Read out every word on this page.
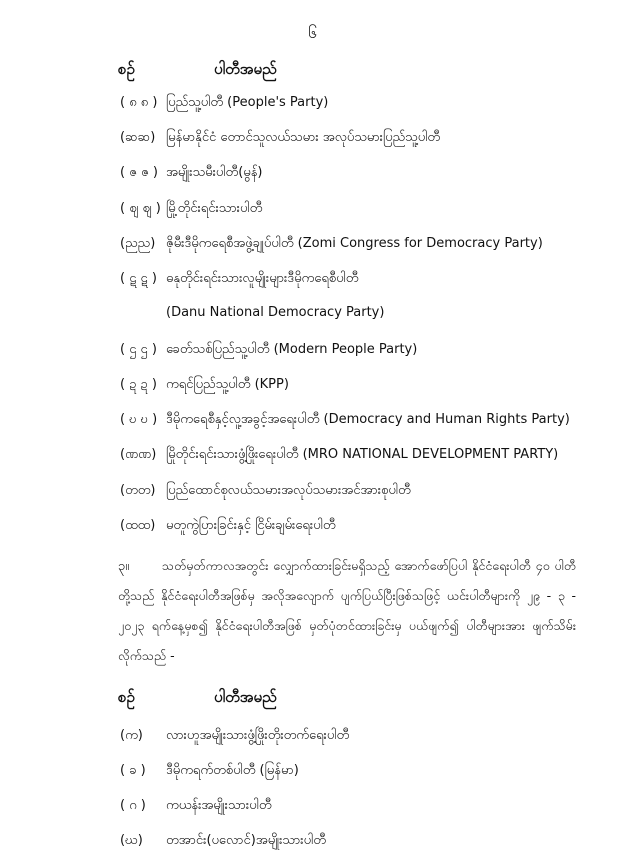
၆
စဉ်	ပါတီအမည်
( ၈ ၈ ) ပြည်သူ့ပါတီ (People's Party)
(ဆဆ) မြန်မာနိုင်ငံ တောင်သူလယ်သမား အလုပ်သမားပြည်သူ့ပါတီ
( ဇ ဇ ) အမျိုးသမီးပါတီ(မွန်)
( ဈ ဈ ) မြို့တိုင်းရင်းသားပါတီ
(ညည) ဇိုမီးဒီမိုကရေစီအဖွဲ့ချုပ်ပါတီ (Zomi Congress for Democracy Party)
( ဋ ဋ ) ဓနုတိုင်းရင်းသားလူမျိုးများဒီမိုကရေစီပါတီ
(Danu National Democracy Party)
( ဌ ဌ ) ခေတ်သစ်ပြည်သူ့ပါတီ (Modern People Party)
( ဍ ဍ ) ကရင်ပြည်သူ့ပါတီ (KPP)
( ဎ ဎ ) ဒီမိုကရေစီနှင့်လူ့အခွင့်အရေးပါတီ (Democracy and Human Rights Party)
(ဏဏ) မြိုတိုင်းရင်းသားဖွံ့ဖြိုးရေးပါတီ (MRO NATIONAL DEVELOPMENT PARTY)
(တတ) ပြည်ထောင်စုလယ်သမားအလုပ်သမားအင်အားစုပါတီ
(ထထ) မတူကွဲပြားခြင်းနှင့် ငြိမ်းချမ်းရေးပါတီ
၃။	သတ်မှတ်ကာလအတွင်း လျှောက်ထားခြင်းမရှိသည့် အောက်ဖော်ပြပါ နိုင်ငံရေးပါတီ ၄၀ ပါတီတို့သည် နိုင်ငံရေးပါတီအဖြစ်မှ အလိုအလျောက် ပျက်ပြယ်ပြီးဖြစ်သဖြင့် ယင်းပါတီများကို ၂၉ - ၃ - ၂၀၂၃ ရက်နေ့မှစ၍ နိုင်ငံရေးပါတီအဖြစ် မှတ်ပုံတင်ထားခြင်းမှ ပယ်ဖျက်၍ ပါတီများအား ဖျက်သိမ်းလိုက်သည် -
စဉ်	ပါတီအမည်
(က) လားဟူအမျိုးသားဖွံ့ဖြိုးတိုးတက်ရေးပါတီ
( ခ ) ဒီမိုကရက်တစ်ပါတီ (မြန်မာ)
( ဂ ) ကယန်းအမျိုးသားပါတီ
(ဃ) တအာင်း(ပလောင်)အမျိုးသားပါတီ
